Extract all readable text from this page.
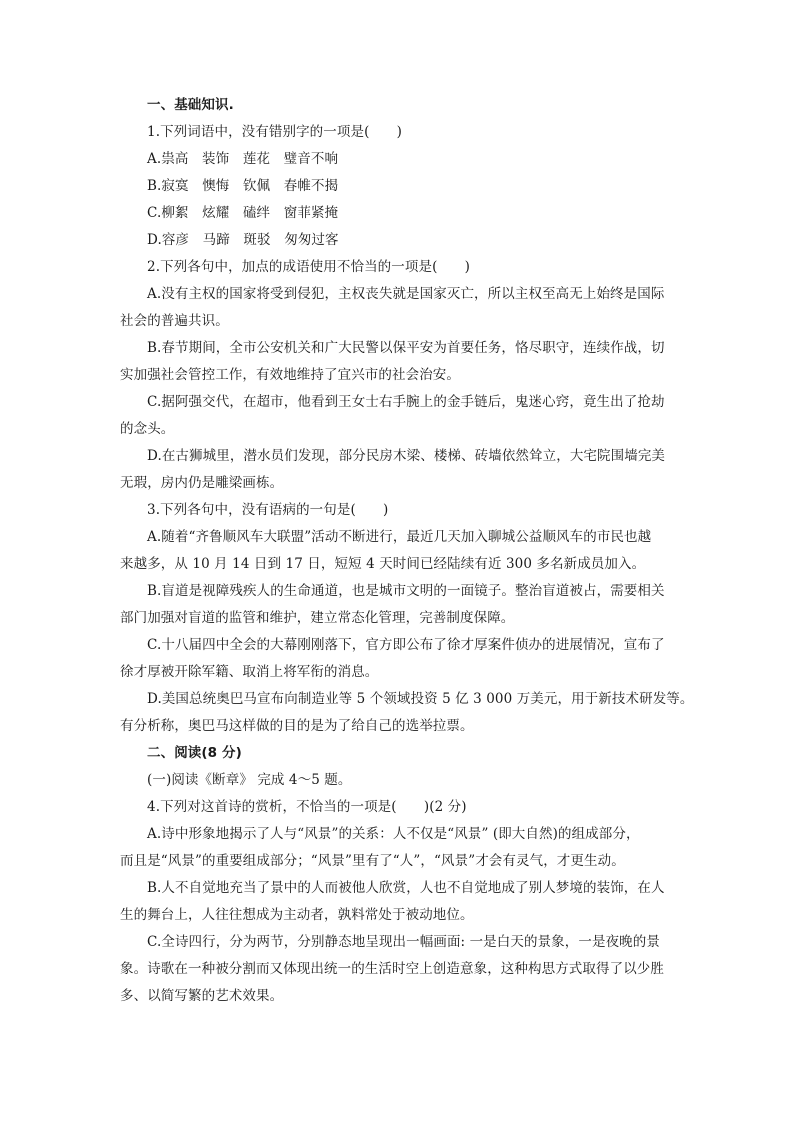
一、基础知识.
1.下列词语中，没有错别字的一项是(　　)
A.祟高　装饰　莲花　璧音不响
B.寂寞　懊悔　钦佩　春帷不揭
C.柳絮　炫耀　磕绊　窗菲紧掩
D.容彦　马蹄　斑驳　匆匆过客
2.下列各句中，加点的成语使用不恰当的一项是(　　)
A.没有主权的国家将受到侵犯，主权丧失就是国家灭亡，所以主权至高无上始终是国际
社会的普遍共识。
B.春节期间，全市公安机关和广大民警以保平安为首要任务，恪尽职守，连续作战，切
实加强社会管控工作，有效地维持了宜兴市的社会治安。
C.据阿强交代，在超市，他看到王女士右手腕上的金手链后，鬼迷心窍，竟生出了抢劫
的念头。
D.在古狮城里，潜水员们发现，部分民房木梁、楼梯、砖墙依然耸立，大宅院围墙完美
无瑕，房内仍是雕梁画栋。
3.下列各句中，没有语病的一句是(　　)
A.随着“齐鲁顺风车大联盟”活动不断进行，最近几天加入聊城公益顺风车的市民也越
来越多，从 10 月 14 日到 17 日，短短 4 天时间已经陆续有近 300 多名新成员加入。
B.盲道是视障残疾人的生命通道，也是城市文明的一面镜子。整治盲道被占，需要相关
部门加强对盲道的监管和维护，建立常态化管理，完善制度保障。
C.十八届四中全会的大幕刚刚落下，官方即公布了徐才厚案件侦办的进展情况，宣布了
徐才厚被开除军籍、取消上将军衔的消息。
D.美国总统奥巴马宣布向制造业等 5 个领域投资 5 亿 3 000 万美元，用于新技术研发等。
有分析称，奥巴马这样做的目的是为了给自己的选举拉票。
二、阅读(8 分)
(一)阅读《断章》 完成 4～5 题。
4.下列对这首诗的赏析，不恰当的一项是(　　)(2 分)
A.诗中形象地揭示了人与“风景”的关系：人不仅是“风景” (即大自然)的组成部分，
而且是“风景”的重要组成部分；“风景”里有了“人”，“风景”才会有灵气，才更生动。
B.人不自觉地充当了景中的人而被他人欣赏，人也不自觉地成了别人梦境的装饰，在人
生的舞台上，人往往想成为主动者，孰料常处于被动地位。
C.全诗四行，分为两节，分别静态地呈现出一幅画面: 一是白天的景象，一是夜晚的景
象。诗歌在一种被分割而又体现出统一的生活时空上创造意象，这种构思方式取得了以少胜
多、以简写繁的艺术效果。
